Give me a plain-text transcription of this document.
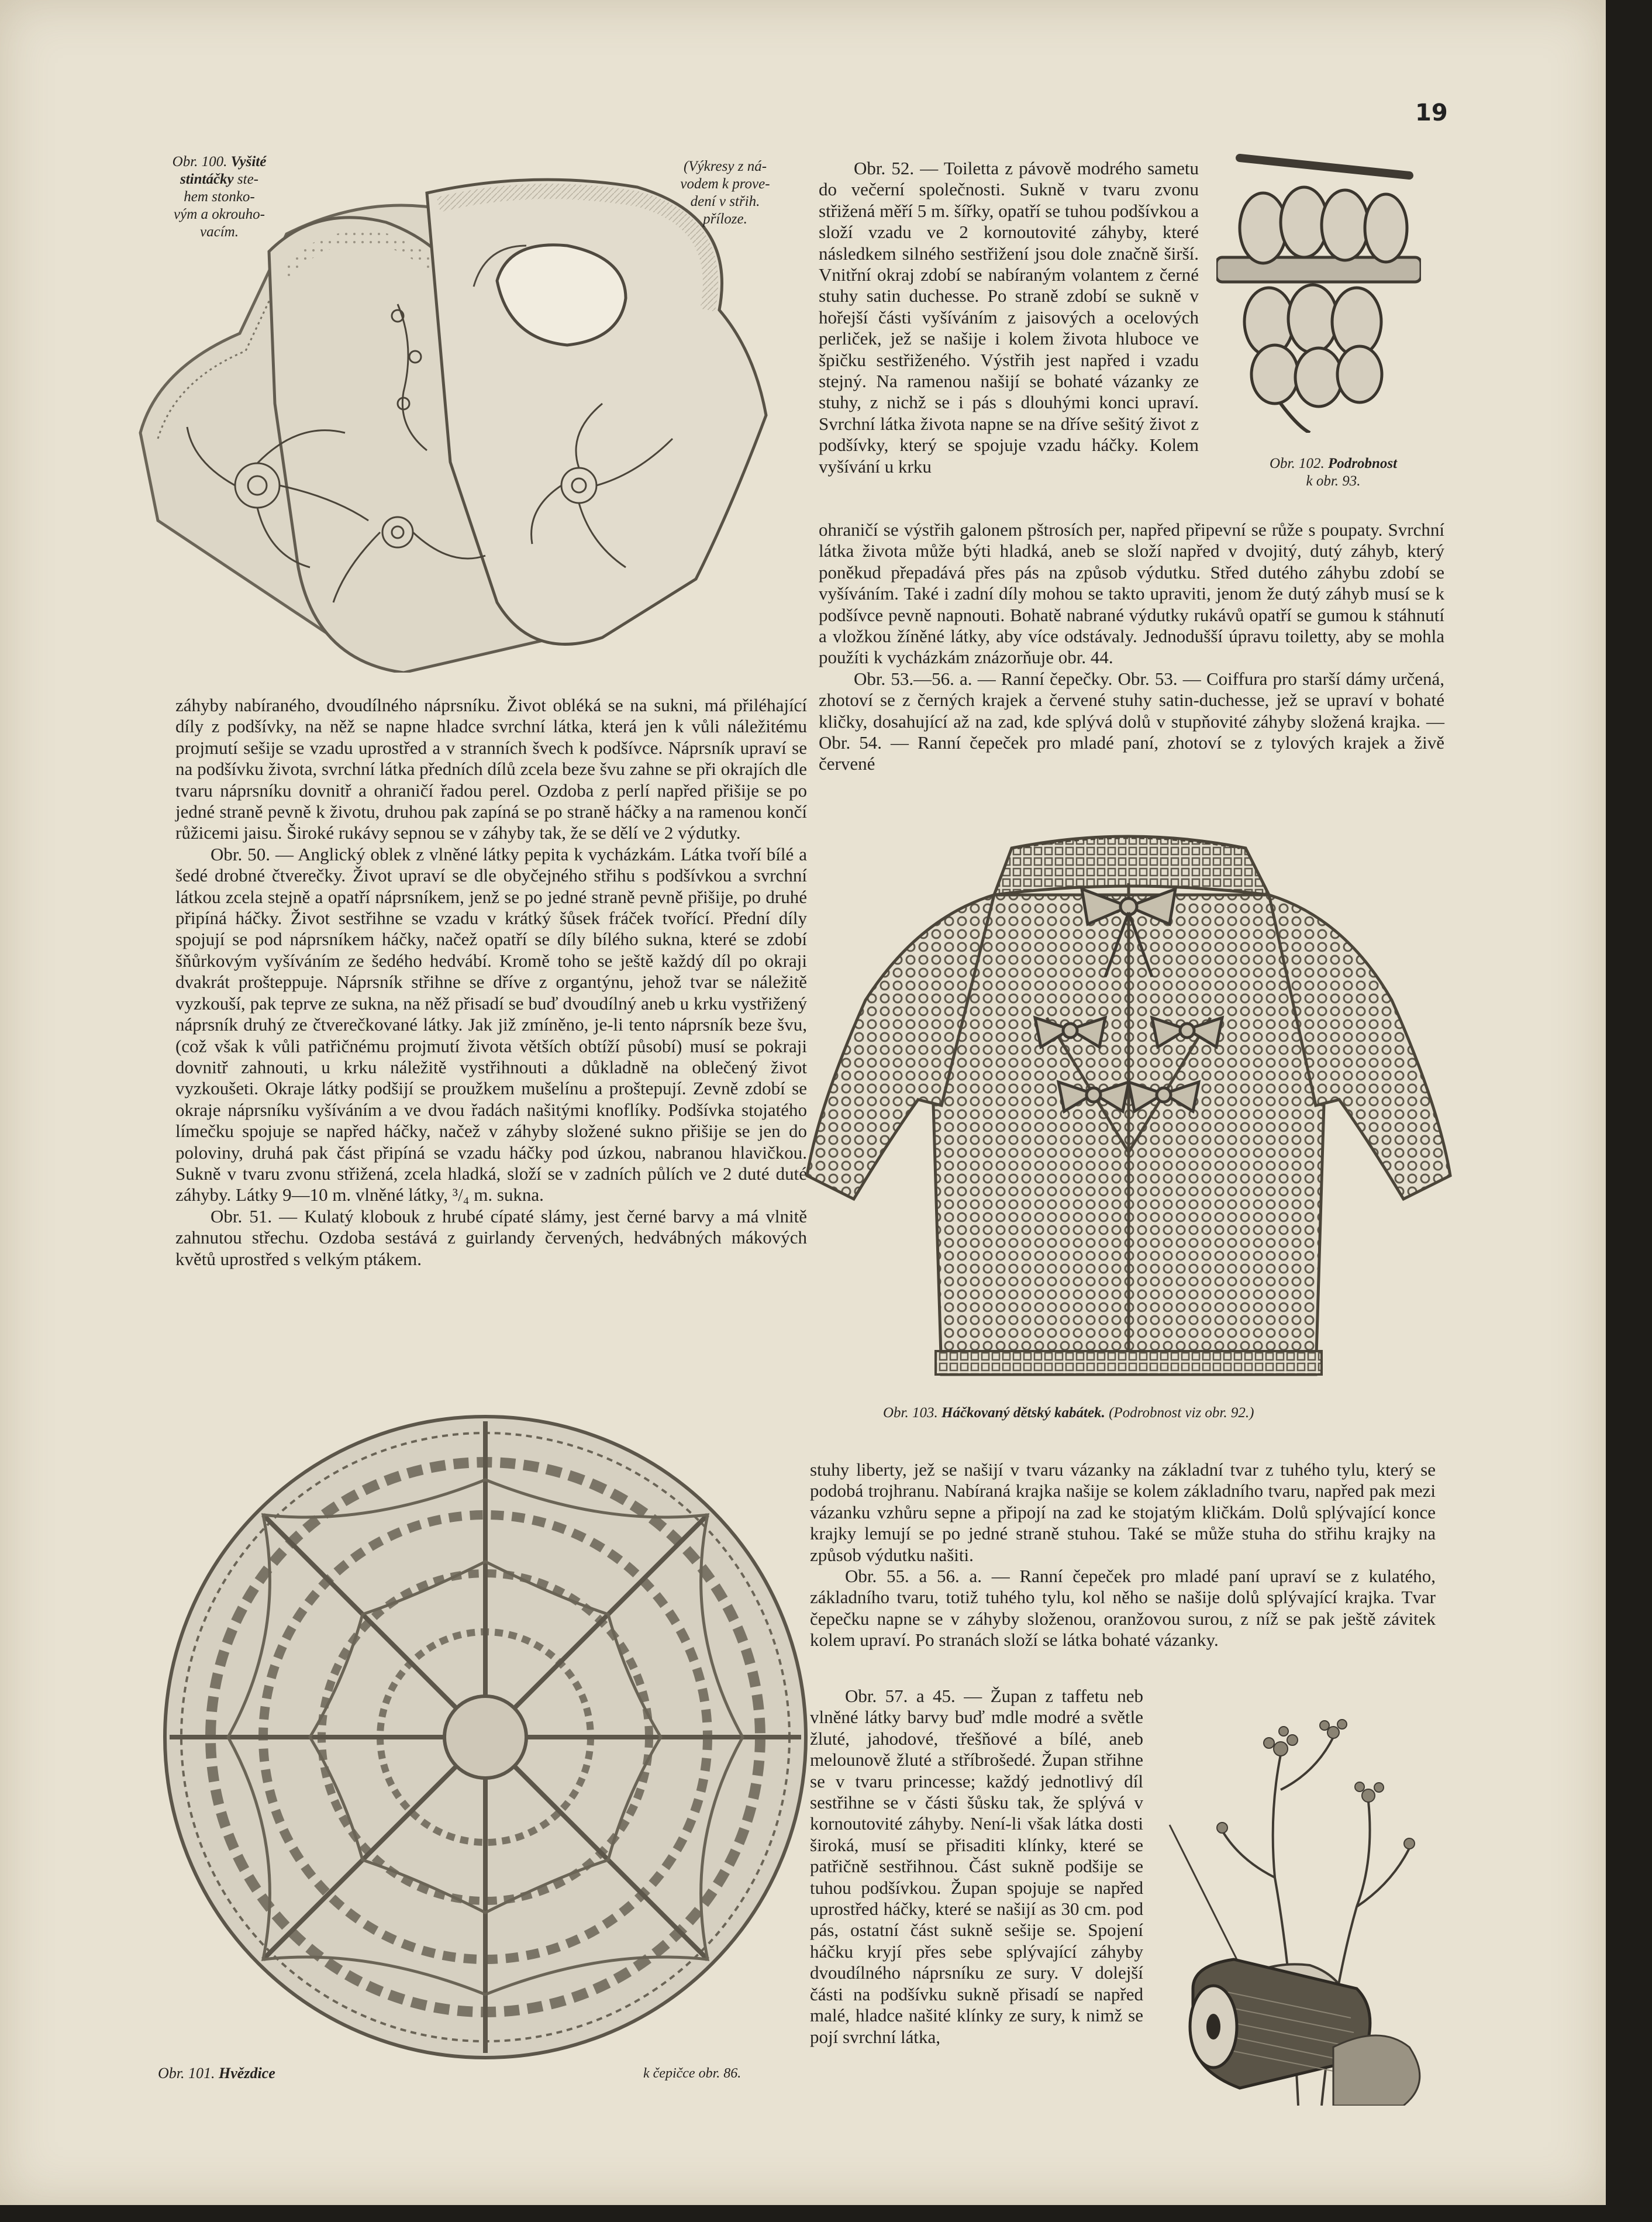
19
Obr. 100. Vyšité
stintáčky ste-
hem stonko-
vým a okrouho-
vacím.
(Výkresy z ná-
vodem k prove-
dení v střih.
příloze.
Obr. 102. Podrobnost
k obr. 93.

záhyby nabíraného, dvoudílného náprsníku. Život obléká se na sukni, má přiléhající díly z podšívky, na něž se napne hladce svrchní látka, která jen k vůli náležitému projmutí sešije se vzadu uprostřed a v stranních švech k podšívce. Náprsník upraví se na podšívku života, svrchní látka předních dílů zcela beze švu zahne se při okrajích dle tvaru náprsníku dovnitř a ohraničí řadou perel. Ozdoba z perlí napřed přišije se po jedné straně pevně k životu, druhou pak zapíná se po straně háčky a na ramenou končí růžicemi jaisu. Široké rukávy sepnou se v záhyby tak, že se dělí ve 2 výdutky.

Obr. 50. — Anglický oblek z vlněné látky pepita k vycházkám. Látka tvoří bílé a šedé drobné čtverečky. Život upraví se dle obyčejného střihu s podšívkou a svrchní látkou zcela stejně a opatří náprsníkem, jenž se po jedné straně pevně přišije, po druhé připíná háčky. Život sestřihne se vzadu v krátký šůsek fráček tvořící. Přední díly spojují se pod náprsníkem háčky, načež opatří se díly bílého sukna, které se zdobí šňůrkovým vyšíváním ze šedého hedvábí. Kromě toho se ještě každý díl po okraji dvakrát prošteppuje. Náprsník střihne se dříve z organtýnu, jehož tvar se náležitě vyzkouší, pak teprve ze sukna, na něž přisadí se buď dvoudílný aneb u krku vystřižený náprsník druhý ze čtverečkované látky. Jak již zmíněno, je-li tento náprsník beze švu, (což však k vůli patřičnému projmutí života větších obtíží působí) musí se pokraji dovnitř zahnouti, u krku náležitě vystřihnouti a důkladně na oblečený život vyzkoušeti. Okraje látky podšijí se proužkem mušelínu a proštepují. Zevně zdobí se okraje náprsníku vyšíváním a ve dvou řadách našitými knoflíky. Podšívka stojatého límečku spojuje se napřed háčky, načež v záhyby složené sukno přišije se jen do poloviny, druhá pak část připíná se vzadu háčky pod úzkou, nabranou hlavičkou. Sukně v tvaru zvonu střižená, zcela hladká, složí se v zadních půlích ve 2 duté duté záhyby. Látky 9—10 m. vlněné látky, ³/₄ m. sukna.

Obr. 51. — Kulatý klobouk z hrubé cípaté slámy, jest černé barvy a má vlnitě zahnutou střechu. Ozdoba sestává z guirlandy červených, hedvábných mákových květů uprostřed s velkým ptákem.

Obr. 101. Hvězdice	k čepičce obr. 86.

Obr. 52. — Toiletta z pávově modrého sametu do večerní společnosti. Sukně v tvaru zvonu střižená měří 5 m. šířky, opatří se tuhou podšívkou a složí vzadu ve 2 kornoutovité záhyby, které následkem silného sestřižení jsou dole značně širší. Vnitřní okraj zdobí se nabíraným volantem z černé stuhy satin duchesse. Po straně zdobí se sukně v hořejší části vyšíváním z jaisových a ocelových perliček, jež se našije i kolem života hluboce ve špičku sestřiženého. Výstřih jest napřed i vzadu stejný. Na ramenou našijí se bohaté vázanky ze stuhy, z nichž se i pás s dlouhými konci upraví. Svrchní látka života napne se na dříve sešitý život z podšívky, který se spojuje vzadu háčky. Kolem vyšívání u krku

ohraničí se výstřih galonem pštrosích per, napřed připevní se růže s poupaty. Svrchní látka života může býti hladká, aneb se složí napřed v dvojitý, dutý záhyb, který poněkud přepadává přes pás na způsob výdutku. Střed dutého záhybu zdobí se vyšíváním. Také i zadní díly mohou se takto upraviti, jenom že dutý záhyb musí se k podšívce pevně napnouti. Bohatě nabrané výdutky rukávů opatří se gumou k stáhnutí a vložkou žíněné látky, aby více odstávaly. Jednodušší úpravu toiletty, aby se mohla použíti k vycházkám znázorňuje obr. 44.

Obr. 53.—56. a. — Ranní čepečky. Obr. 53. — Coiffura pro starší dámy určená, zhotoví se z černých krajek a červené stuhy satin-duchesse, jež se upraví v bohaté kličky, dosahující až na zad, kde splývá dolů v stupňovité záhyby složená krajka. — Obr. 54. — Ranní čepeček pro mladé paní, zhotoví se z tylových krajek a živě červené

Obr. 103. Háčkovaný dětský kabátek. (Podrobnost viz obr. 92.)

stuhy liberty, jež se našijí v tvaru vázanky na základní tvar z tuhého tylu, který se podobá trojhranu. Nabíraná krajka našije se kolem základního tvaru, napřed pak mezi vázanku vzhůru sepne a připojí na zad ke stojatým kličkám. Dolů splývající konce krajky lemují se po jedné straně stuhou. Také se může stuha do střihu krajky na způsob výdutku našiti.

Obr. 55. a 56. a. — Ranní čepeček pro mladé paní upraví se z kulatého, základního tvaru, totiž tuhého tylu, kol něho se našije dolů splývající krajka. Tvar čepečku napne se v záhyby složenou, oranžovou surou, z níž se pak ještě závitek kolem upraví. Po stranách složí se látka bohaté vázanky.

Obr. 57. a 45. — Župan z taffetu neb vlněné látky barvy buď mdle modré a světle žluté, jahodové, třešňové a bílé, aneb melounově žluté a stříbrošedé. Župan střihne se v tvaru princesse; každý jednotlivý díl sestřihne se v části šůsku tak, že splývá v kornoutovité záhyby. Není-li však látka dosti široká, musí se přisaditi klínky, které se patřičně sestřihnou. Část sukně podšije se tuhou podšívkou. Župan spojuje se napřed uprostřed háčky, které se našijí as 30 cm. pod pás, ostatní část sukně sešije se. Spojení háčku kryjí přes sebe splývající záhyby dvoudílného náprsníku ze sury. V dolejší části na podšívku sukně přisadí se napřed malé, hladce našité klínky ze sury, k nimž se pojí svrchní látka,
